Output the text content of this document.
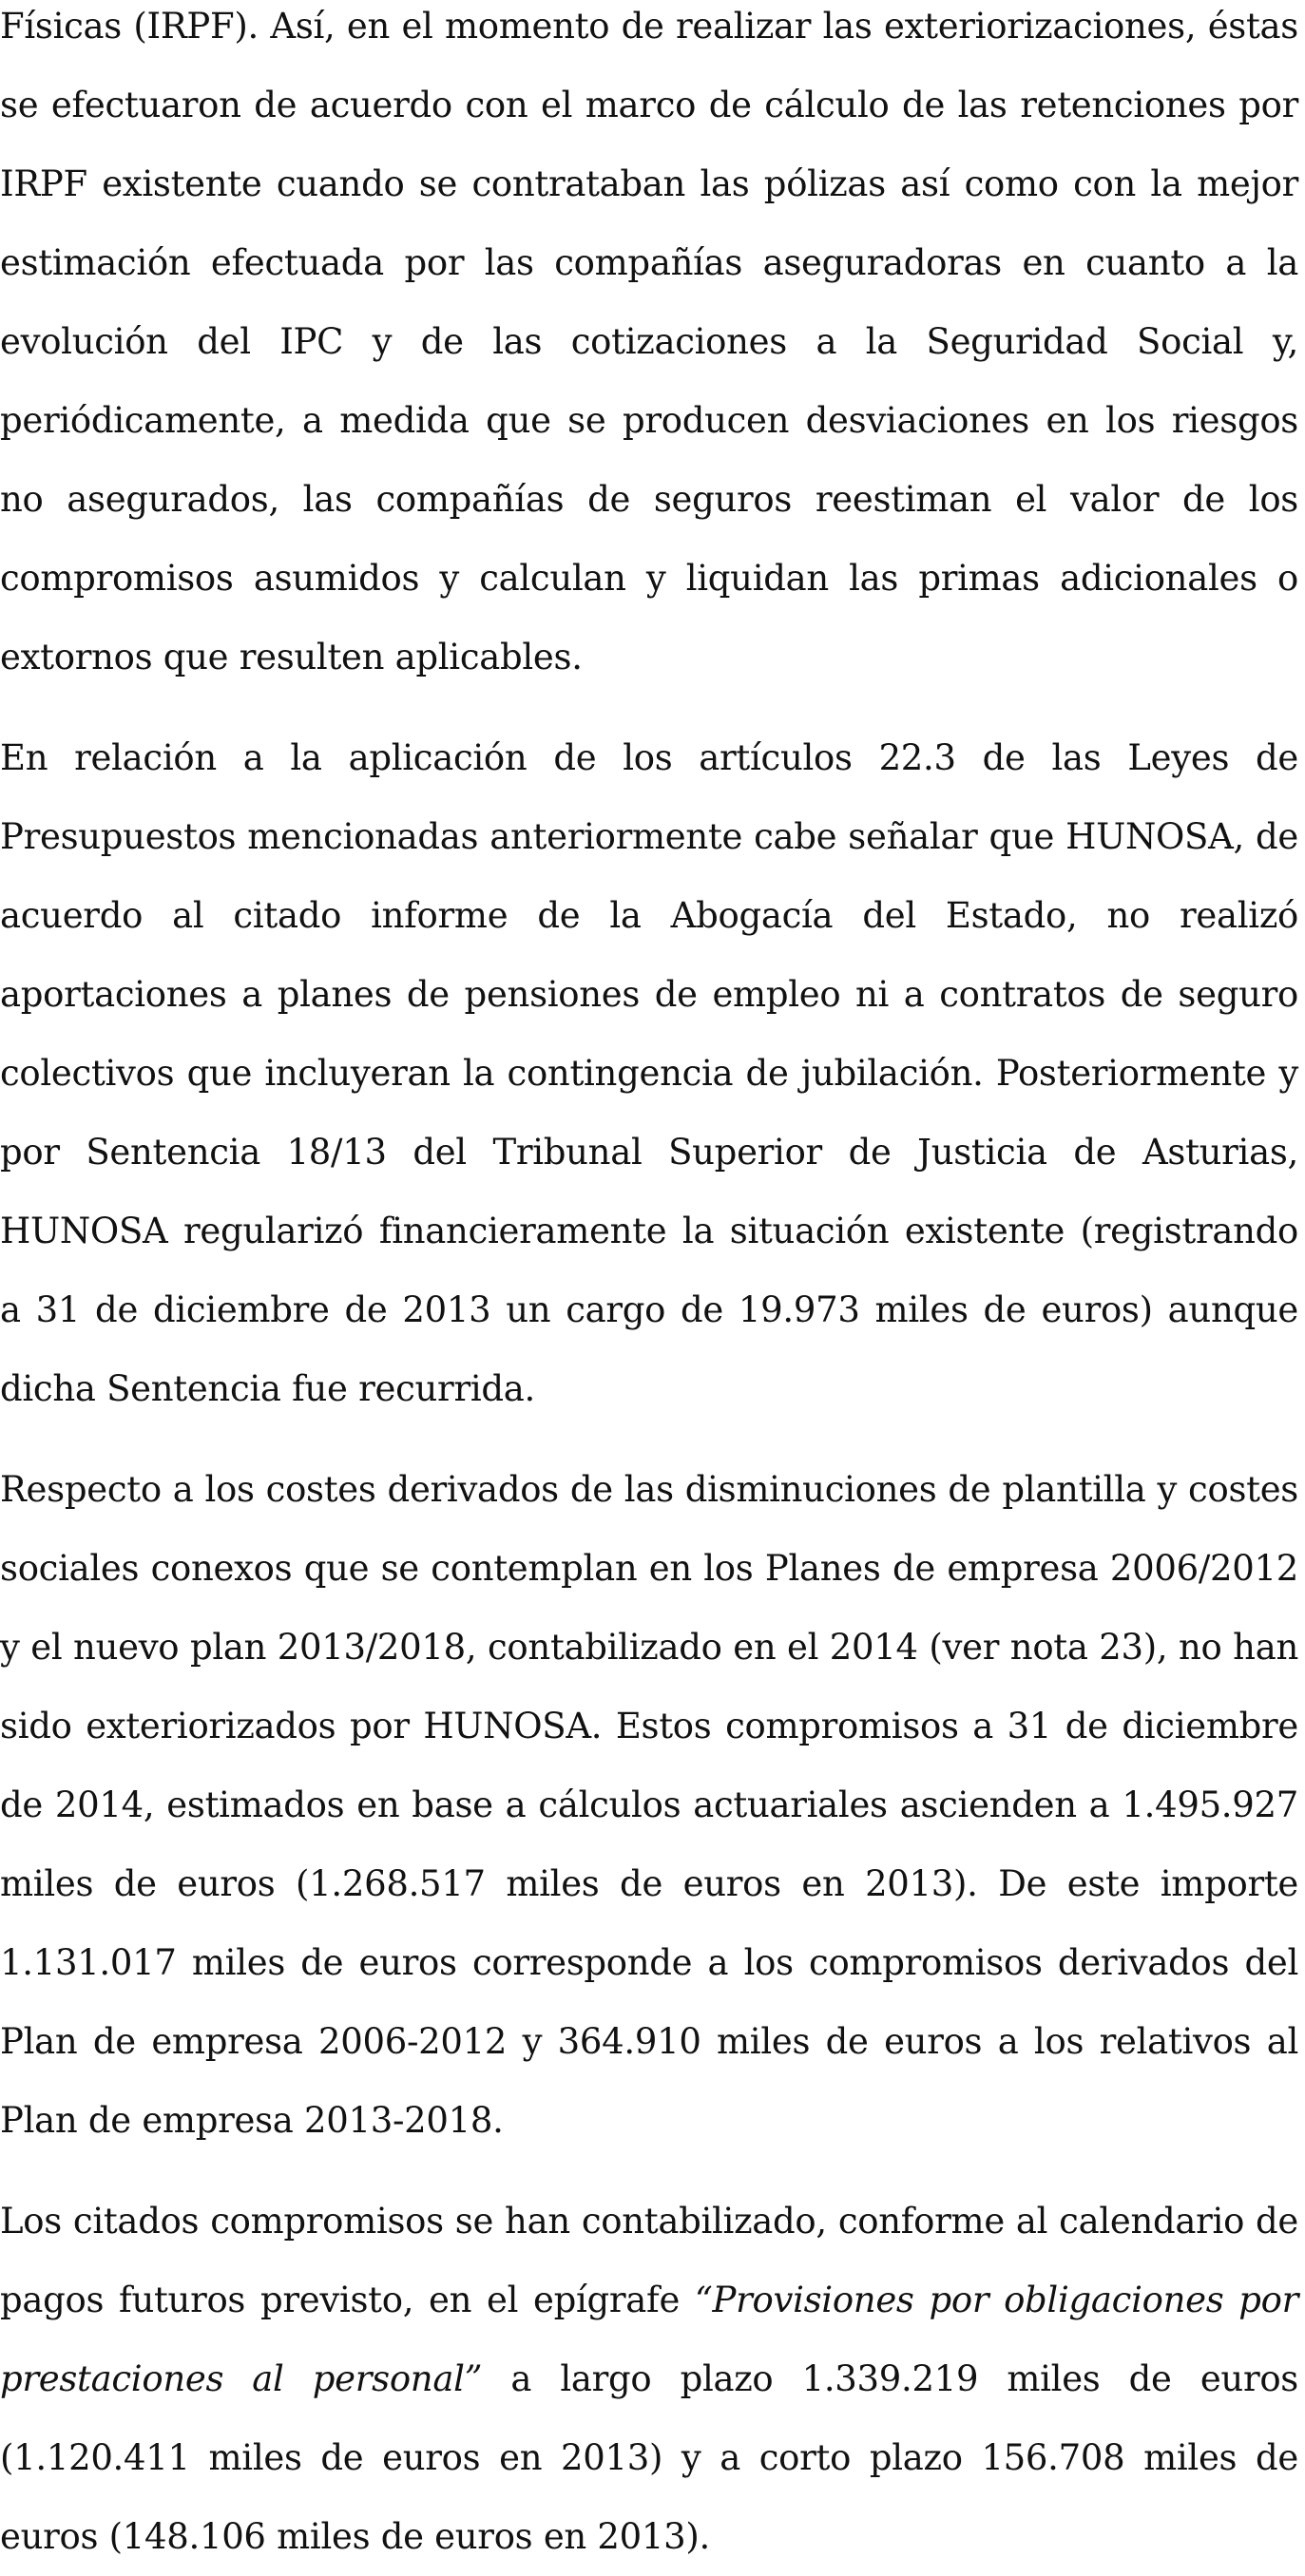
Físicas (IRPF). Así, en el momento de realizar las exteriorizaciones, éstas se efectuaron de acuerdo con el marco de cálculo de las retenciones por IRPF existente cuando se contrataban las pólizas así como con la mejor estimación efectuada por las compañías aseguradoras en cuanto a la evolución del IPC y de las cotizaciones a la Seguridad Social y, periódicamente, a medida que se producen desviaciones en los riesgos no asegurados, las compañías de seguros reestiman el valor de los compromisos asumidos y calculan y liquidan las primas adicionales o extornos que resulten aplicables.

En relación a la aplicación de los artículos 22.3 de las Leyes de Presupuestos mencionadas anteriormente cabe señalar que HUNOSA, de acuerdo al citado informe de la Abogacía del Estado, no realizó aportaciones a planes de pensiones de empleo ni a contratos de seguro colectivos que incluyeran la contingencia de jubilación. Posteriormente y por Sentencia 18/13 del Tribunal Superior de Justicia de Asturias, HUNOSA regularizó financieramente la situación existente (registrando a 31 de diciembre de 2013 un cargo de 19.973 miles de euros) aunque dicha Sentencia fue recurrida.

Respecto a los costes derivados de las disminuciones de plantilla y costes sociales conexos que se contemplan en los Planes de empresa 2006/2012 y el nuevo plan 2013/2018, contabilizado en el 2014 (ver nota 23), no han sido exteriorizados por HUNOSA. Estos compromisos a 31 de diciembre de 2014, estimados en base a cálculos actuariales ascienden a 1.495.927 miles de euros (1.268.517 miles de euros en 2013). De este importe 1.131.017 miles de euros corresponde a los compromisos derivados del Plan de empresa 2006-2012 y 364.910 miles de euros a los relativos al Plan de empresa 2013-2018.

Los citados compromisos se han contabilizado, conforme al calendario de pagos futuros previsto, en el epígrafe “Provisiones por obligaciones por prestaciones al personal” a largo plazo 1.339.219 miles de euros (1.120.411 miles de euros en 2013) y a corto plazo 156.708 miles de euros (148.106 miles de euros en 2013).
